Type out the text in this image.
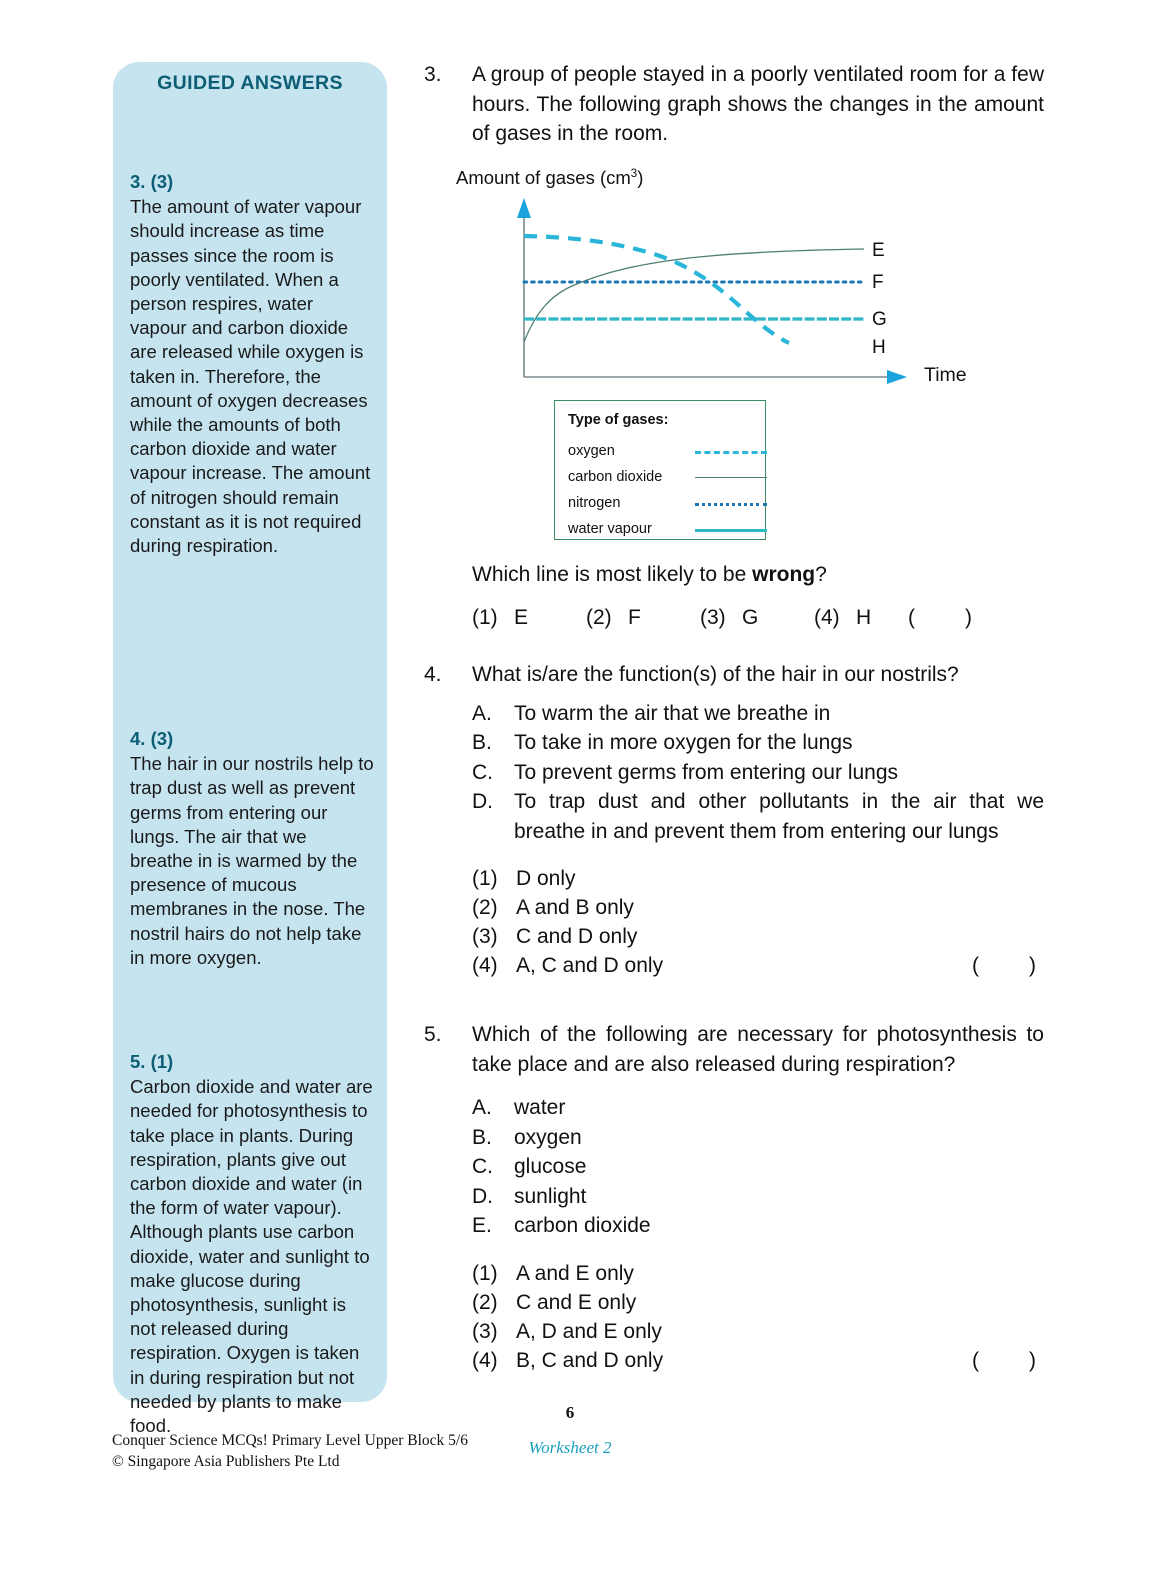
GUIDED ANSWERS
3. (3)
The amount of water vapour should increase as time passes since the room is poorly ventilated. When a person respires, water vapour and carbon dioxide are released while oxygen is taken in. Therefore, the amount of oxygen decreases while the amounts of both carbon dioxide and water vapour increase. The amount of nitrogen should remain constant as it is not required during respiration.
4. (3)
The hair in our nostrils help to trap dust as well as prevent germs from entering our lungs. The air that we breathe in is warmed by the presence of mucous membranes in the nose. The nostril hairs do not help take in more oxygen.
5. (1)
Carbon dioxide and water are needed for photosynthesis to take place in plants. During respiration, plants give out carbon dioxide and water (in the form of water vapour). Although plants use carbon dioxide, water and sunlight to make glucose during photosynthesis, sunlight is not released during respiration. Oxygen is taken in during respiration but not needed by plants to make food.
3.	A group of people stayed in a poorly ventilated room for a few hours. The following graph shows the changes in the amount of gases in the room.
Amount of gases $(cm^3)$
E
F
G
H
Time
Type of gases:
oxygen
carbon dioxide
nitrogen
water vapour
Which line is most likely to be wrong?
(1) E	(2) F	(3) G	(4) H ( )
4.	What is/are the function(s) of the hair in our nostrils?
A.	To warm the air that we breathe in
B.	To take in more oxygen for the lungs
C.	To prevent germs from entering our lungs
D.	To trap dust and other pollutants in the air that we breathe in and prevent them from entering our lungs
(1) D only
(2) A and B only
(3) C and D only
(4) A, C and D only	( )
5.	Which of the following are necessary for photosynthesis to take place and are also released during respiration?
A.	water
B.	oxygen
C.	glucose
D.	sunlight
E.	carbon dioxide
(1) A and E only
(2) C and E only
(3) A, D and E only
(4) B, C and D only	( )
6
Conquer Science MCQs! Primary Level Upper Block 5/6
© Singapore Asia Publishers Pte Ltd
Worksheet 2
